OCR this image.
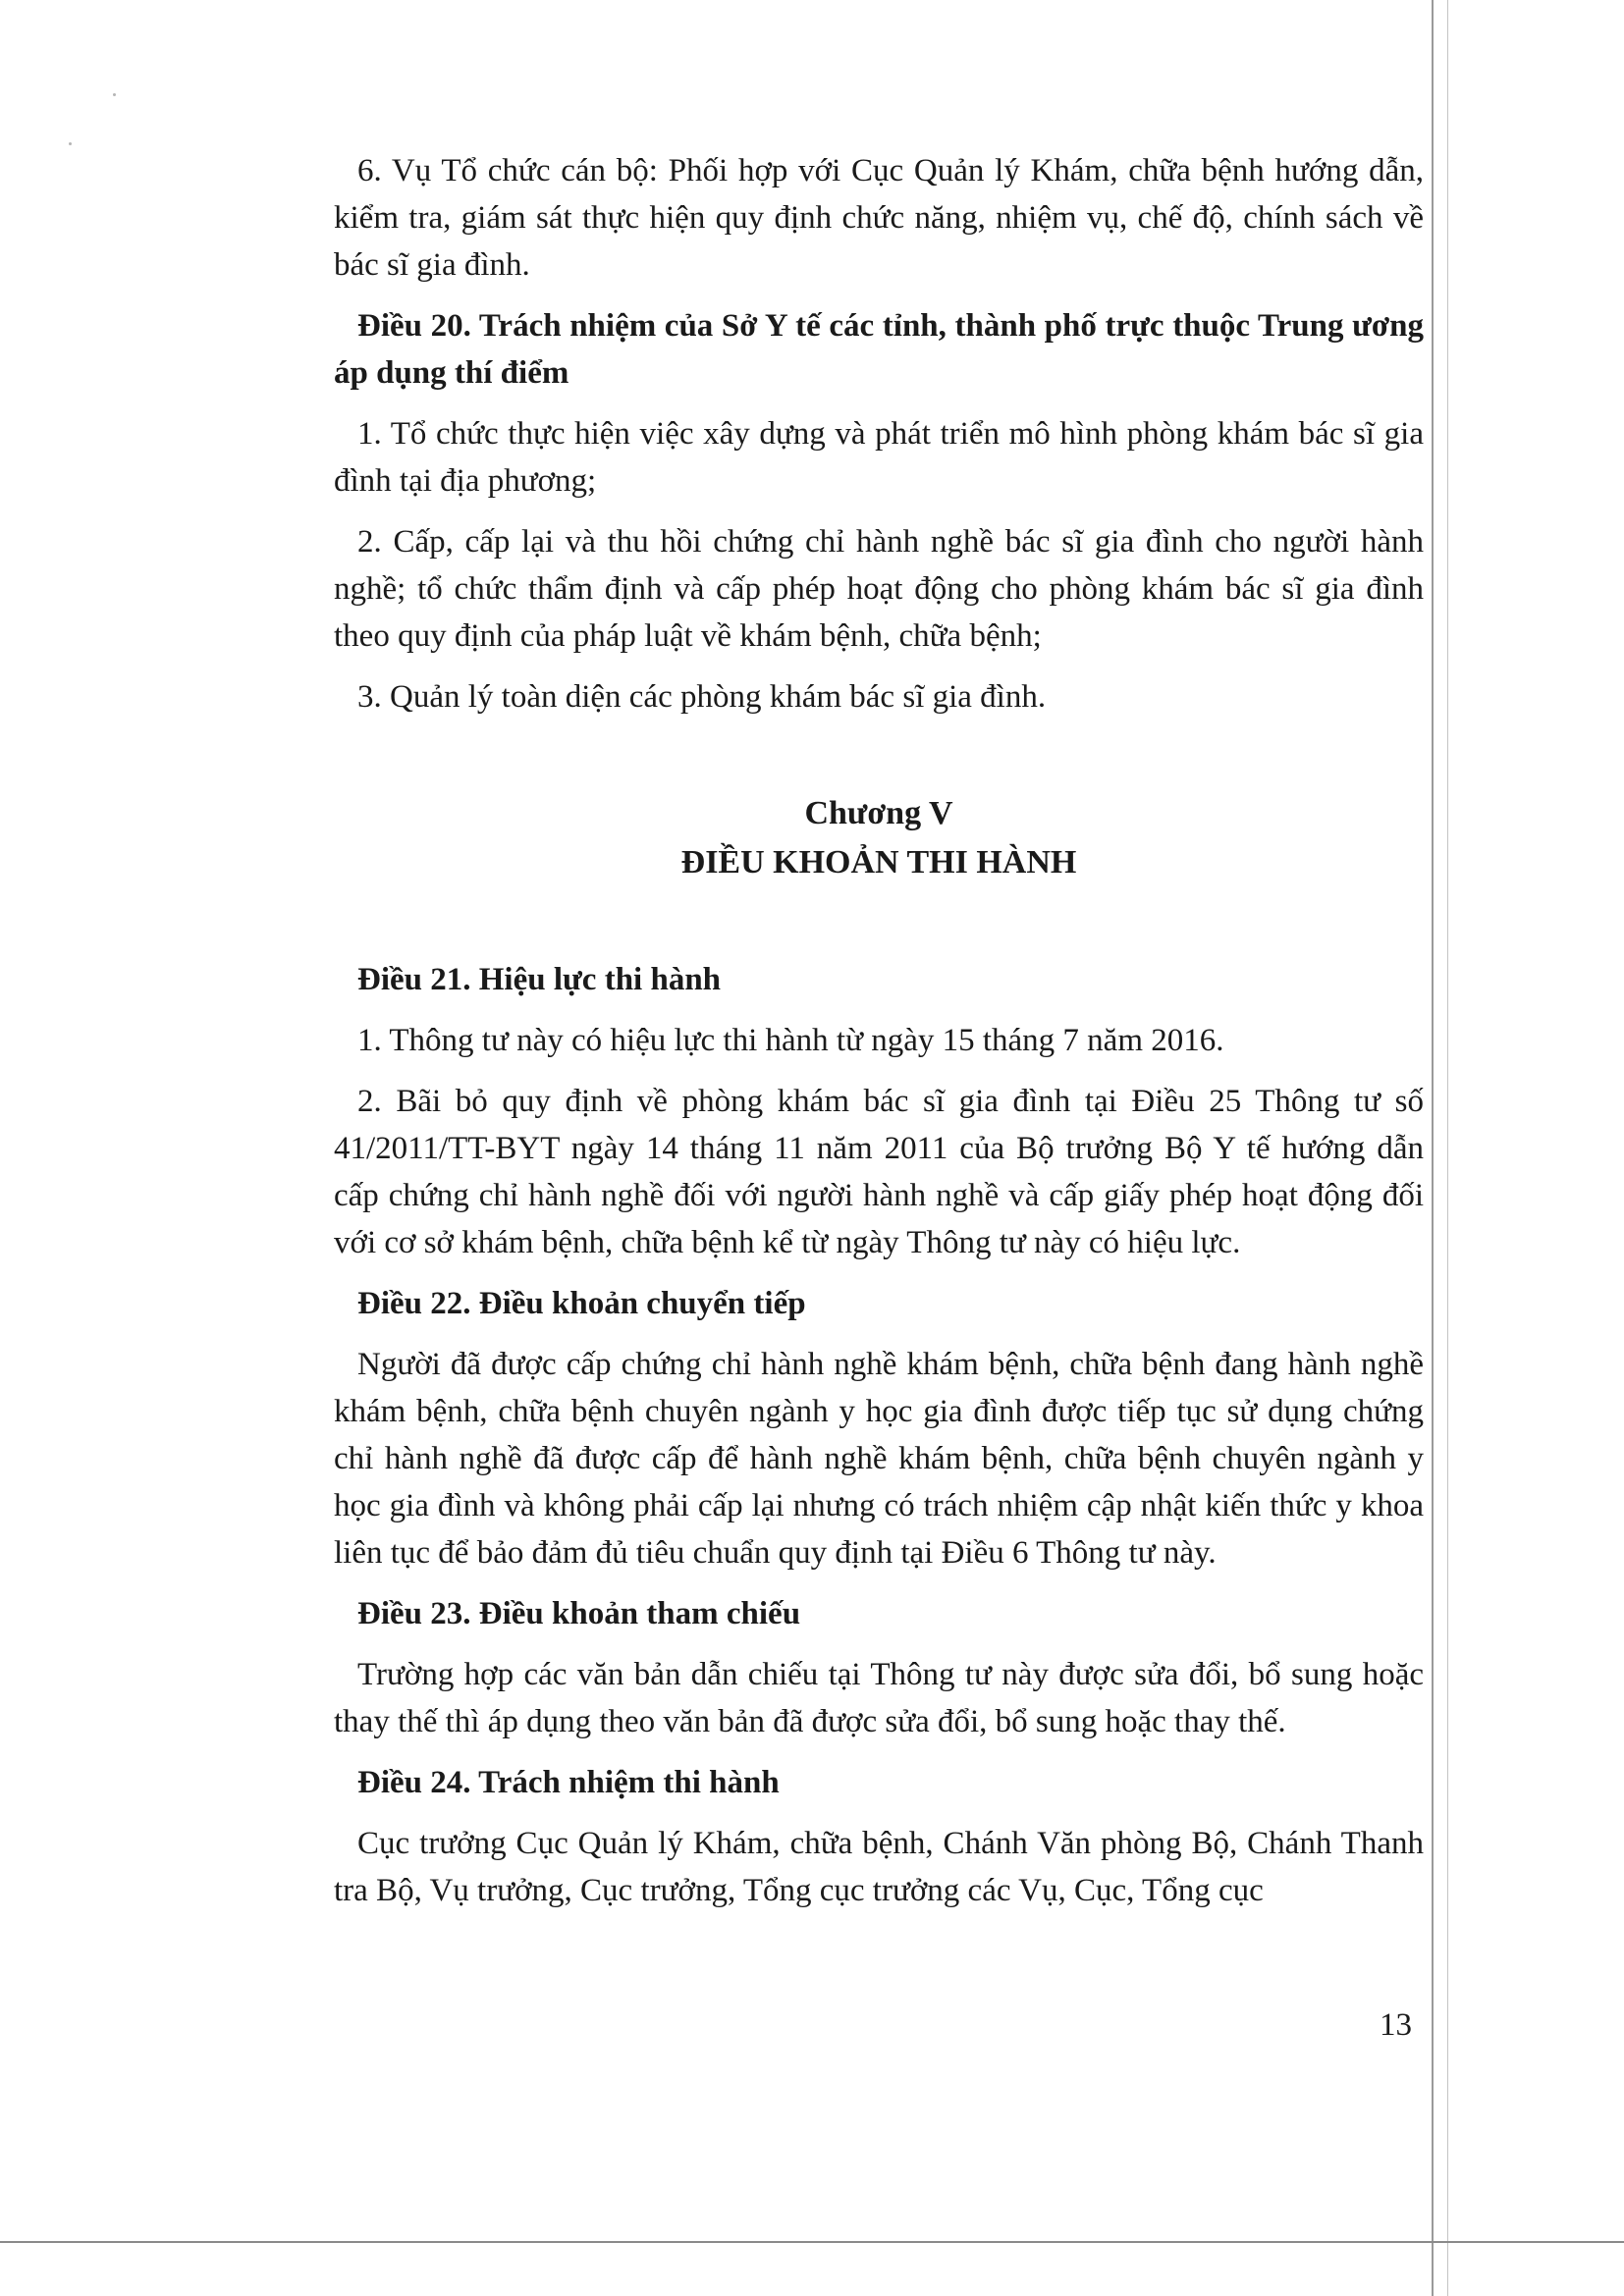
6. Vụ Tổ chức cán bộ: Phối hợp với Cục Quản lý Khám, chữa bệnh hướng dẫn, kiểm tra, giám sát thực hiện quy định chức năng, nhiệm vụ, chế độ, chính sách về bác sĩ gia đình.

Điều 20. Trách nhiệm của Sở Y tế các tỉnh, thành phố trực thuộc Trung ương áp dụng thí điểm

1. Tổ chức thực hiện việc xây dựng và phát triển mô hình phòng khám bác sĩ gia đình tại địa phương;

2. Cấp, cấp lại và thu hồi chứng chỉ hành nghề bác sĩ gia đình cho người hành nghề; tổ chức thẩm định và cấp phép hoạt động cho phòng khám bác sĩ gia đình theo quy định của pháp luật về khám bệnh, chữa bệnh;

3. Quản lý toàn diện các phòng khám bác sĩ gia đình.

Chương V
ĐIỀU KHOẢN THI HÀNH

Điều 21. Hiệu lực thi hành

1. Thông tư này có hiệu lực thi hành từ ngày 15 tháng 7 năm 2016.

2. Bãi bỏ quy định về phòng khám bác sĩ gia đình tại Điều 25 Thông tư số 41/2011/TT-BYT ngày 14 tháng 11 năm 2011 của Bộ trưởng Bộ Y tế hướng dẫn cấp chứng chỉ hành nghề đối với người hành nghề và cấp giấy phép hoạt động đối với cơ sở khám bệnh, chữa bệnh kể từ ngày Thông tư này có hiệu lực.

Điều 22. Điều khoản chuyển tiếp

Người đã được cấp chứng chỉ hành nghề khám bệnh, chữa bệnh đang hành nghề khám bệnh, chữa bệnh chuyên ngành y học gia đình được tiếp tục sử dụng chứng chỉ hành nghề đã được cấp để hành nghề khám bệnh, chữa bệnh chuyên ngành y học gia đình và không phải cấp lại nhưng có trách nhiệm cập nhật kiến thức y khoa liên tục để bảo đảm đủ tiêu chuẩn quy định tại Điều 6 Thông tư này.

Điều 23. Điều khoản tham chiếu

Trường hợp các văn bản dẫn chiếu tại Thông tư này được sửa đổi, bổ sung hoặc thay thế thì áp dụng theo văn bản đã được sửa đổi, bổ sung hoặc thay thế.

Điều 24. Trách nhiệm thi hành

Cục trưởng Cục Quản lý Khám, chữa bệnh, Chánh Văn phòng Bộ, Chánh Thanh tra Bộ, Vụ trưởng, Cục trưởng, Tổng cục trưởng các Vụ, Cục, Tổng cục

13
